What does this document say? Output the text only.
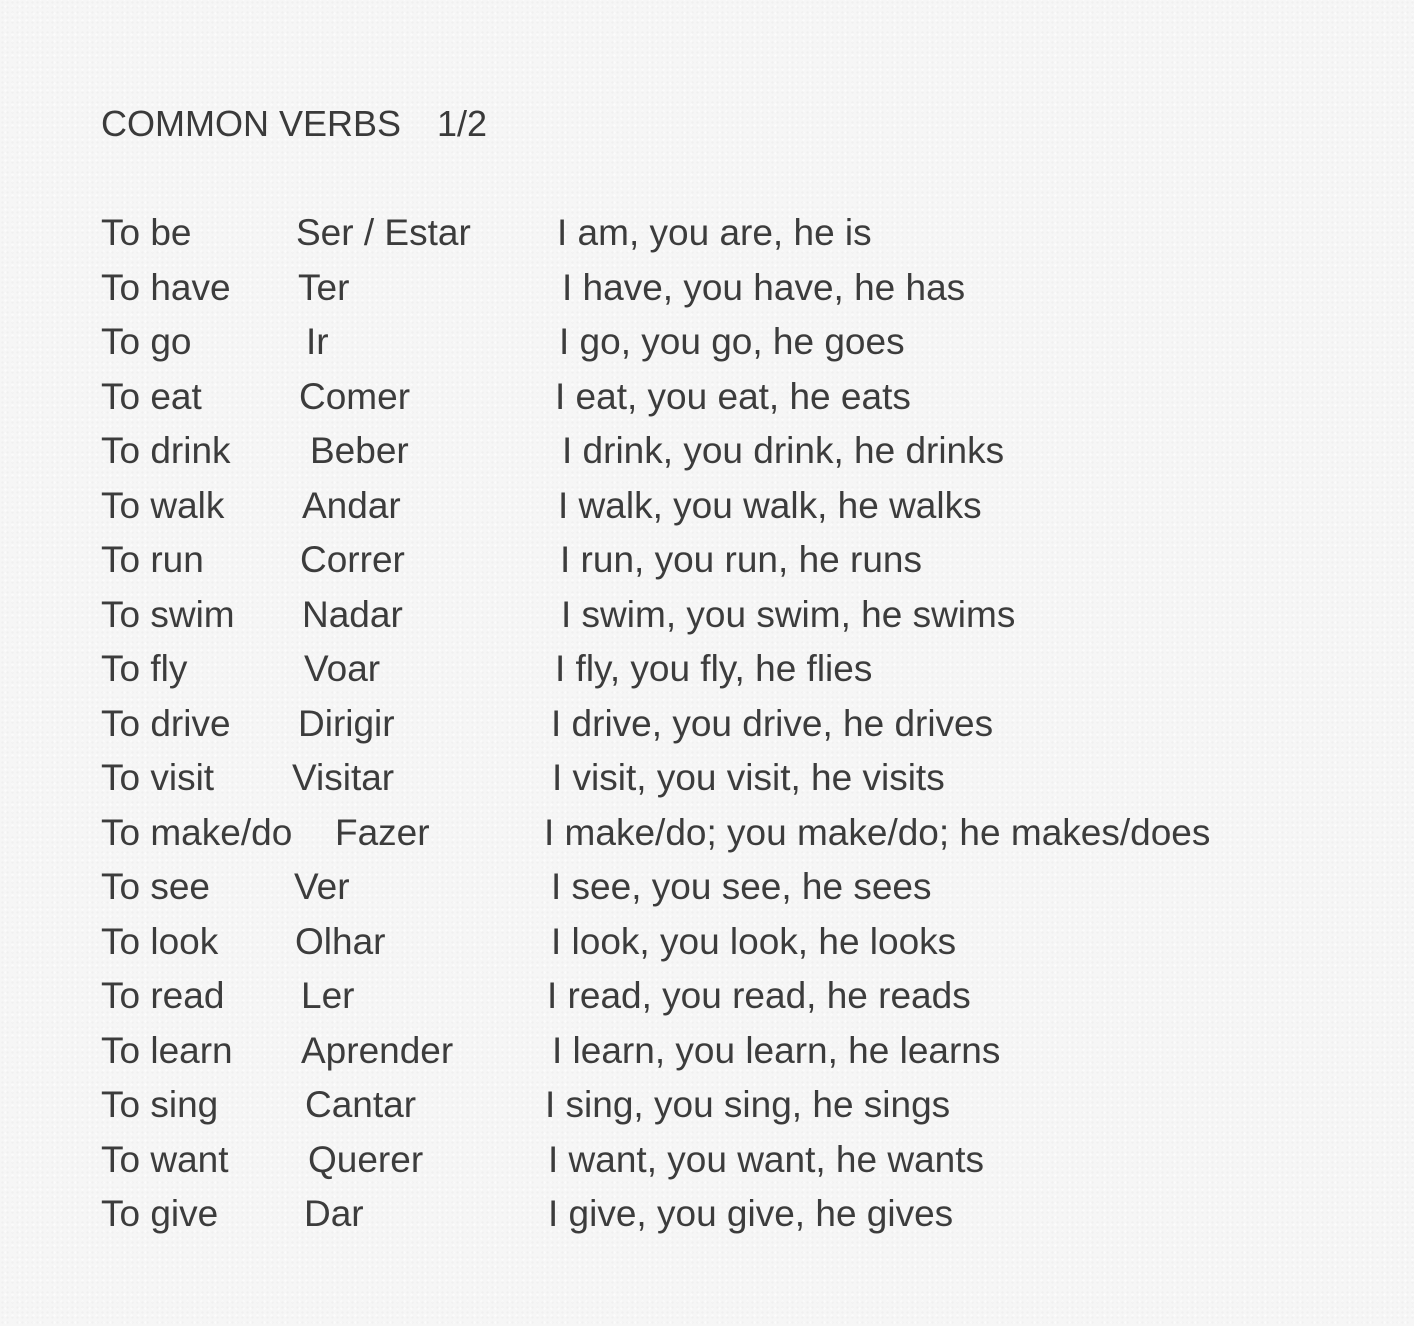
COMMON VERBS 1/2
To be	Ser / Estar I am, you are, he is
To have Ter	I have, you have, he has
To go	Ir	I go, you go, he goes
To eat	Comer	I eat, you eat, he eats
To drink Beber	I drink, you drink, he drinks
To walk Andar	I walk, you walk, he walks
To run	Correr	I run, you run, he runs
To swim Nadar	I swim, you swim, he swims
To fly	Voar	I fly, you fly, he flies
To drive Dirigir	I drive, you drive, he drives
To visit Visitar	I visit, you visit, he visits
To make/do Fazer	I make/do; you make/do; he makes/does
To see Ver	I see, you see, he sees
To look Olhar	I look, you look, he looks
To read Ler	I read, you read, he reads
To learn Aprender	I learn, you learn, he learns
To sing Cantar	I sing, you sing, he sings
To want Querer	I want, you want, he wants
To give Dar	I give, you give, he gives
